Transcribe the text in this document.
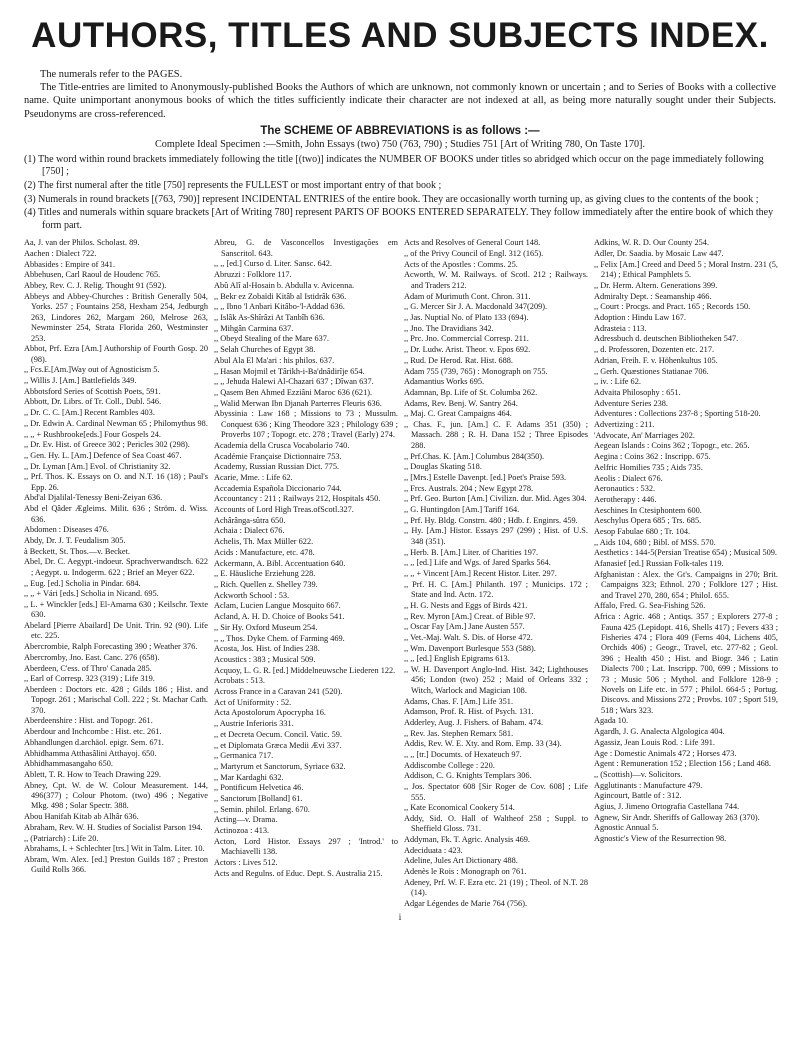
AUTHORS, TITLES AND SUBJECTS INDEX.

The numerals refer to the PAGES.

The Title-entries are limited to Anonymously-published Books the Authors of which are unknown, not commonly known or uncertain ; and to Series of Books with a collective name. Quite unimportant anonymous books of which the titles sufficiently indicate their character are not indexed at all, as being more naturally sought under their Subjects. Pseudonyms are cross-referenced.

The SCHEME OF ABBREVIATIONS is as follows :—
Complete Ideal Specimen :—Smith, John Essays (two) 750 (763, 790) ; Studies 751 [Art of Writing 780, On Taste 170].
(1) The word within round brackets immediately following the title [(two)] indicates the NUMBER OF BOOKS under titles so abridged which occur on the page immediately following [750] ;
(2) The first numeral after the title [750] represents the FULLEST or most important entry of that book ;
(3) Numerals in round brackets [(763, 790)] represent INCIDENTAL ENTRIES of the entire book. They are occasionally worth turning up, as giving clues to the contents of the book ;
(4) Titles and numerals within square brackets [Art of Writing 780] represent PARTS OF BOOKS ENTERED SEPARATELY. They follow immediately after the entire book of which they form part.
Aa, J. van der Philos. Scholast. 89.
Aachen : Dialect 722.
Abbasides : Empire of 341.
Abbehusen, Carl Raoul de Houdenc 765.
Abbey, Rev. C. J. Relig. Thought 91 (592).
Abbeys and Abbey-Churches : British Generally 504, Yorks. 257 ; Fountains 258, Hexham 254, Jedburgh 263, Lindores 262, Margam 260, Melrose 263, Newminster 254, Strata Florida 260, Westminster 253.
Abbot, Prf. Ezra [Am.] Authorship of Fourth Gosp. 20 (98).
,, Fcs.E.[Am.]Way out of Agnosticism 5.
,, Willis J. [Am.] Battlefields 349.
Abbotsford Series of Scottish Poets, 591.
Abbott, Dr. Librs. of Tr. Coll., Dubl. 546.
,, Dr. C. C. [Am.] Recent Rambles 403.
,, Dr. Edwin A. Cardinal Newman 65 ; Philomythus 98.
,, ,, + Rushbrooke[eds.] Four Gospels 24.
,, Dr. Ev. Hist. of Greece 302 ; Pericles 302 (298).
,, Gen. Hy. L. [Am.] Defence of Sea Coast 467.
,, Dr. Lyman [Am.] Evol. of Christianity 32.
,, Prf. Thos. K. Essays on O. and N.T. 16 (18) ; Paul's Epp. 26.
Abd'al Djalilal-Tenessy Beni-Zeiyan 636.
Abd el Qâder Ægleims. Milit. 636 ; Ström. d. Wiss. 636.
Abdomen : Diseases 476.
Abdy, Dr. J. T. Feudalism 305.
à Beckett, St. Thos.—v. Becket.
Abel, Dr. C. Aegypt.-indoeur. Sprachverwandtsch. 622 ; Aegypt. u. Indogerm. 622 ; Brief an Meyer 622.
,, Eug. [ed.] Scholia in Pindar. 684.
,, ,, + Vári [eds.] Scholia in Nicand. 695.
,, L. + Winckler [eds.] El-Amarna 630 ; Keilschr. Texte 630.
Abelard [Pierre Abailard] De Unit. Trin. 92 (90). Life etc. 225.
Abercrombie, Ralph Forecasting 390 ; Weather 376.
Abercromby, Jno. East. Canc. 276 (658).
Aberdeen, C'ess. of Thro' Canada 285.
,, Earl of Corresp. 323 (319) ; Life 319.
Aberdeen : Doctors etc. 428 ; Gilds 186 ; Hist. and Topogr. 261 ; Marischal Coll. 222 ; St. Machar Cath. 370.
Aberdeenshire : Hist. and Topogr. 261.
Aberdour and Inchcombe : Hist. etc. 261.
Abhandlungen d.archäol. epigr. Sem. 671.
Abhidhamma Atthasâlini Atthayoj. 650.
Abhidhammasangaho 650.
Ablett, T. R. How to Teach Drawing 229.
Abney, Cpt. W. de W. Colour Measurement. 144, 496(377) ; Colour Photom. (two) 496 ; Negative Mkg. 498 ; Solar Spectr. 388.
Abou Hanifah Kitab ab Alhâr 636.
Abraham, Rev. W. H. Studies of Socialist Parson 194.
,, (Patriarch) : Life 20.
Abrahams, I. + Schlechter [trs.] Wit in Talm. Liter. 10.
Abram, Wm. Alex. [ed.] Preston Guilds 187 ; Preston Guild Rolls 366.
Abreu, G. de Vasconcellos Investigações em Sanscritol. 643.
,, ,, [ed.] Curso d. Liter. Sansc. 642.
Abruzzi : Folklore 117.
Abû Alî al-Hosain b. Abdulla v. Avicenna.
,, Bekr ez Zobaïdi Kitâb al Istidrâk 636.
,, ,, Ibno 'l Anbari Kitâbo-'l-Addad 636.
,, Islâk As-Shîrâzi At Tanbîh 636.
,, Mihgân Carmina 637.
,, Obeyd Stealing of the Mare 637.
,, Selah Churches of Egypt 38.
Abul Ala El Ma'ari : his philos. 637.
,, Hasan Mojmil et Târikh-i-Ba'dnâdirîje 654.
,, ,, Jehuda Halewi Al-Chazari 637 ; Dîwan 637.
,, Qasem Ben Ahmed Ezziâni Maroc 636 (621).
,, Walid Merwan Ibn Djanah Parterres Fleuris 636.
Abyssinia : Law 168 ; Missions to 73 ; Mussulm. Conquest 636 ; King Theodore 323 ; Philology 639 ; Proverbs 107 ; Topogr. etc. 278 ; Travel (Early) 274.
Academia della Crusca Vocabolario 740.
Académie Française Dictionnaire 753.
Academy, Russian Russian Dict. 775.
Acarie, Mme. : Life 62.
Accademia Española Diccionario 744.
Accountancy : 211 ; Railways 212, Hospitals 450.
Accounts of Lord High Treas.ofScotl.327.
Achârânga-sûtra 650.
Achaia : Dialect 676.
Achelis, Th. Max Müller 622.
Acids : Manufacture, etc. 478.
Ackermann, A. Bibl. Accentuation 640.
,, E. Häusliche Erziehung 228.
,, Rich. Quellen z. Shelley 739.
Ackworth School : 53.
Aclam, Lucien Langue Mosquito 667.
Acland, A. H. D. Choice of Books 541.
,, Sir Hy. Oxford Museum 254.
,, ,, Thos. Dyke Chem. of Farming 469.
Acosta, Jos. Hist. of Indies 238.
Acoustics : 383 ; Musical 509.
Acquoy, L. G. R. [ed.] Middelneuwsche Liederen 122.
Acrobats : 513.
Across France in a Caravan 241 (520).
Act of Uniformity : 52.
Acta Apostolorum Apocrypha 16.
,, Austrie Inferioris 331.
,, et Decreta Oecum. Concil. Vatic. 59.
,, et Diplomata Græca Medii Ævi 337.
,, Germanica 717.
,, Martyrum et Sanctorum, Syriace 632.
,, Mar Kardaghi 632.
,, Pontificum Helvetica 46.
,, Sanctorum [Bolland] 61.
,, Semin. philol. Erlang. 670.
Acting—v. Drama.
Actinozoa : 413.
Acton, Lord Histor. Essays 297 ; 'Introd.' to Machiavelli 138.
Actors : Lives 512.
Acts and Regulns. of Educ. Dept. S. Australia 215.
Acts and Resolves of General Court 148.
,, of the Privy Council of Engl. 312 (165).
Acts of the Apostles : Comms. 25.
Acworth, W. M. Railways. of Scotl. 212 ; Railways. and Traders 212.
Adam of Murimuth Cont. Chron. 311.
,, G. Mercer Sir J. A. Macdonald 347(209).
,, Jas. Nuptial No. of Plato 133 (694).
,, Jno. The Dravidians 342.
,, Prc. Jno. Commercial Corresp. 211.
,, Dr. Ludw. Arist. Theor. v. Epos 692.
,, Rud. De Herod. Rat. Hist. 688.
Adam 755 (739, 765) : Monograph on 755.
Adamantius Works 695.
Adamnan, Bp. Life of St. Columba 262.
Adams, Rev. Benj. W. Santry 264.
,, Maj. C. Great Campaigns 464.
,, Chas. F., jun. [Am.] C. F. Adams 351 (350) ; Massach. 288 ; R. H. Dana 152 ; Three Episodes 288.
,, Prf.Chas. K. [Am.] Columbus 284(350).
,, Douglas Skating 518.
,, [Mrs.] Estelle Davenpt. [ed.] Poet's Praise 593.
,, Frcs. Australs. 204 ; New Egypt 278.
,, Prf. Geo. Burton [Am.] Civilizn. dur. Mid. Ages 304.
,, G. Huntingdon [Am.] Tariff 164.
,, Prf. Hy. Bldg. Constrn. 480 ; Hdb. f. Enginrs. 459.
,, Hy. [Am.] Histor. Essays 297 (299) ; Hist. of U.S. 348 (351).
,, Herb. B. [Am.] Liter. of Charities 197.
,, ,, [ed.] Life and Wgs. of Jared Sparks 564.
,, ,, + Vincent [Am.] Recent Histor. Liter. 297.
,, Prf. H. C. [Am.] Philanth. 197 ; Municips. 172 ; State and Ind. Actn. 172.
,, H. G. Nests and Eggs of Birds 421.
,, Rev. Myron [Am.] Creat. of Bible 97.
,, Oscar Fay [Am.] Jane Austen 557.
,, Vet.-Maj. Walt. S. Dis. of Horse 472.
,, Wm. Davenport Burlesque 553 (588).
,, ,, [ed.] English Epigrams 613.
,, W. H. Davenport Anglo-Ind. Hist. 342; Lighthouses 456; London (two) 252 ; Maid of Orleans 332 ; Witch, Warlock and Magician 108.
Adams, Chas. F. [Am.] Life 351.
Adamson, Prof. R. Hist. of Psych. 131.
Adderley, Aug. J. Fishers. of Baham. 474.
,, Rev. Jas. Stephen Remarx 581.
Addis, Rev. W. E. Xty. and Rom. Emp. 33 (34).
,, ,, [tr.] Documts. of Hexateuch 97.
Addiscombe College : 220.
Addison, C. G. Knights Templars 306.
,, Jos. Spectator 608 [Sir Roger de Cov. 608] ; Life 555.
,, Kate Economical Cookery 514.
Addy, Sid. O. Hall of Waltheof 258 ; Suppl. to Sheffield Gloss. 731.
Addyman, Fk. T. Agric. Analysis 469.
Adeciduata : 423.
Adeline, Jules Art Dictionary 488.
Adenès le Rois : Monograph on 761.
Adeney, Prf. W. F. Ezra etc. 21 (19) ; Theol. of N.T. 28 (14).
Adgar Légendes de Marie 764 (756).
Adkins, W. R. D. Our County 254.
Adler, Dr. Saadia. by Mosaic Law 447.
,, Felix [Am.] Creed and Deed 5 ; Moral Instrn. 231 (5, 214) ; Ethical Pamphlets 5.
,, Dr. Herm. Altern. Generations 399.
Admiralty Dept. : Seamanship 466.
,, Court : Procgs. and Pract. 165 ; Records 150.
Adoption : Hindu Law 167.
Adrasteia : 113.
Adressbuch d. deutschen Bibliotheken 547.
,, d. Professoren, Dozenten etc. 217.
Adrian, Freih. F. v. Höhenkultus 105.
,, Gerh. Quæstiones Statianae 706.
,, iv. : Life 62.
Advaita Philosophy : 651.
Adventure Series 238.
Adventures : Collections 237-8 ; Sporting 518-20.
Advertizing : 211.
'Advocate, An' Marriages 202.
Aegean Islands : Coins 362 ; Topogr., etc. 265.
Aegina : Coins 362 : Inscripp. 675.
Aelfric Homilies 735 ; Aids 735.
Aeolis : Dialect 676.
Aeronautics : 532.
Aerotherapy : 446.
Aeschines In Ctesiphontem 600.
Aeschylus Opera 685 ; Trs. 685.
Aesop Fabulae 680 ; Tr. 104.
,, Aids 104, 680 ; Bibl. of MSS. 570.
Aesthetics : 144-5(Persian Treatise 654) ; Musical 509.
Afanasief [ed.] Russian Folk-tales 119.
Afghanistan : Alex. the Gt's. Campaigns in 270; Brit. Campaigns 323; Ethnol. 270 ; Folklore 127 ; Hist. and Travel 270, 280, 654 ; Philol. 655.
Affalo, Fred. G. Sea-Fishing 526.
Africa : Agric. 468 ; Antiqs. 357 ; Explorers 277-8 ; Fauna 425 (Lepidopt. 416, Shells 417) ; Fevers 433 ; Fisheries 474 ; Flora 409 (Ferns 404, Lichens 405, Orchids 406) ; Geogr., Travel, etc. 277-82 ; Geol. 396 ; Health 450 ; Hist. and Biogr. 346 ; Latin Dialects 700 ; Lat. Inscripp. 700, 699 ; Missions to 73 ; Music 506 ; Mythol. and Folklore 128-9 ; Novels on Life etc. in 577 ; Philol. 664-5 ; Portug. Discovs. and Missions 272 ; Provbs. 107 ; Sport 519, 518 ; Wars 323.
Agada 10.
Agardh, J. G. Analecta Algologica 404.
Agassiz, Jean Louis Rod. : Life 391.
Age : Domestic Animals 472 ; Horses 473.
Agent : Remuneration 152 ; Election 156 ; Land 468.
,, (Scottish)—v. Solicitors.
Agglutinants : Manufacture 479.
Agincourt, Battle of : 312.
Agius, J. Jimeno Ortografia Castellana 744.
Agnew, Sir Andr. Sheriffs of Galloway 263 (370).
Agnostic Annual 5.
Agnostic's View of the Resurrection 98.
i
